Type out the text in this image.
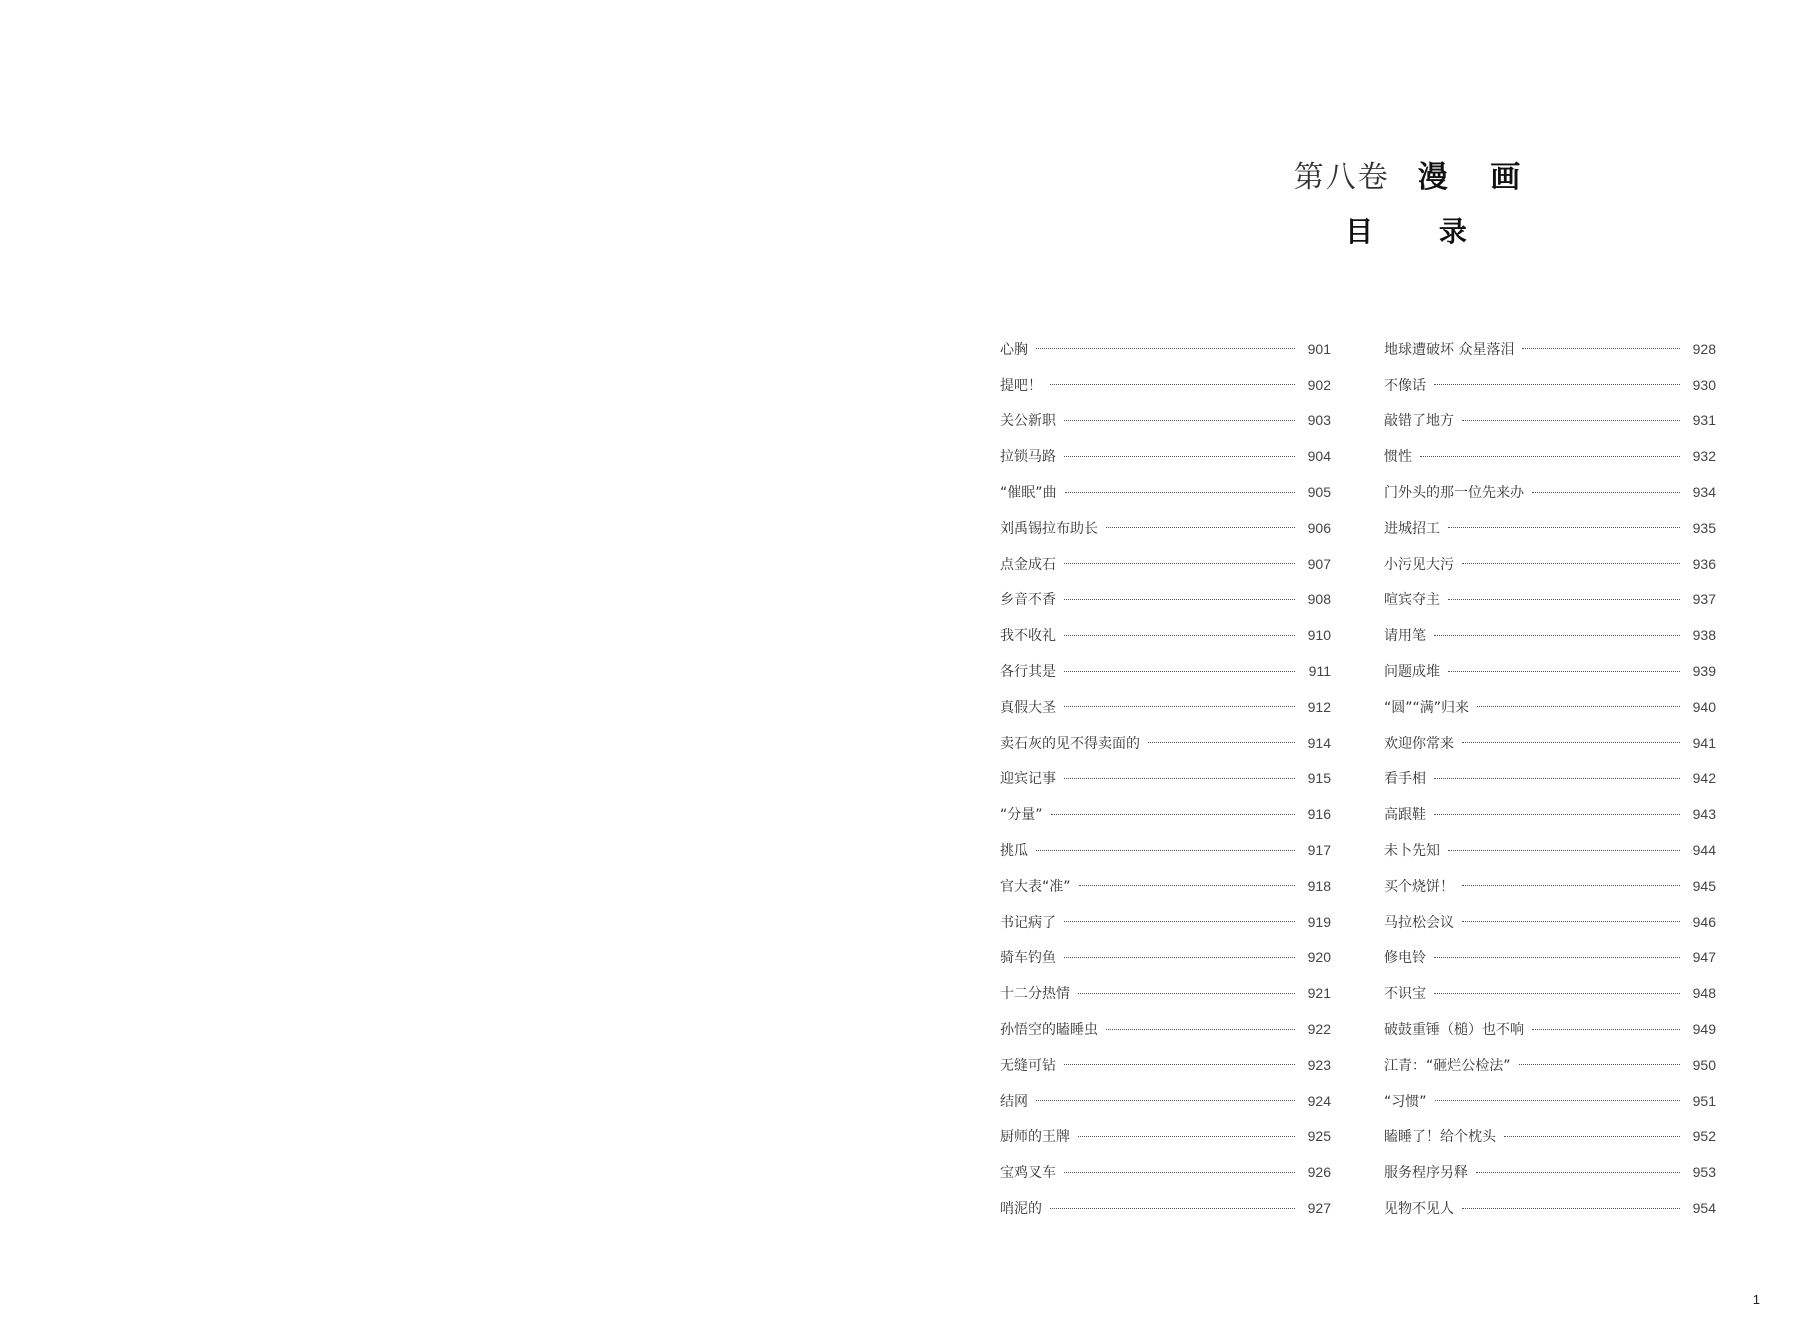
第八卷 漫 画
目 录
心胸	901
提吧！	902
关公新职	903
拉锁马路	904
“催眠”曲	905
刘禹锡拉布助长	906
点金成石	907
乡音不香	908
我不收礼	910
各行其是	911
真假大圣	912
卖石灰的见不得卖面的	914
迎宾记事	915
“分量”	916
挑瓜	917
官大表“准”	918
书记病了	919
骑车钓鱼	920
十二分热情	921
孙悟空的瞌睡虫	922
无缝可钻	923
结网	924
厨师的王牌	925
宝鸡叉车	926
哨泥的	927
地球遭破坏 众星落泪	928
不像话	930
敲错了地方	931
惯性	932
门外头的那一位先来办	934
进城招工	935
小污见大污	936
喧宾夺主	937
请用笔	938
问题成堆	939
“圆”“满”归来	940
欢迎你常来	941
看手相	942
高跟鞋	943
未卜先知	944
买个烧饼！	945
马拉松会议	946
修电铃	947
不识宝	948
破鼓重锤（槌）也不响	949
江青：“砸烂公检法”	950
“习惯”	951
瞌睡了！给个枕头	952
服务程序另释	953
见物不见人	954
1
